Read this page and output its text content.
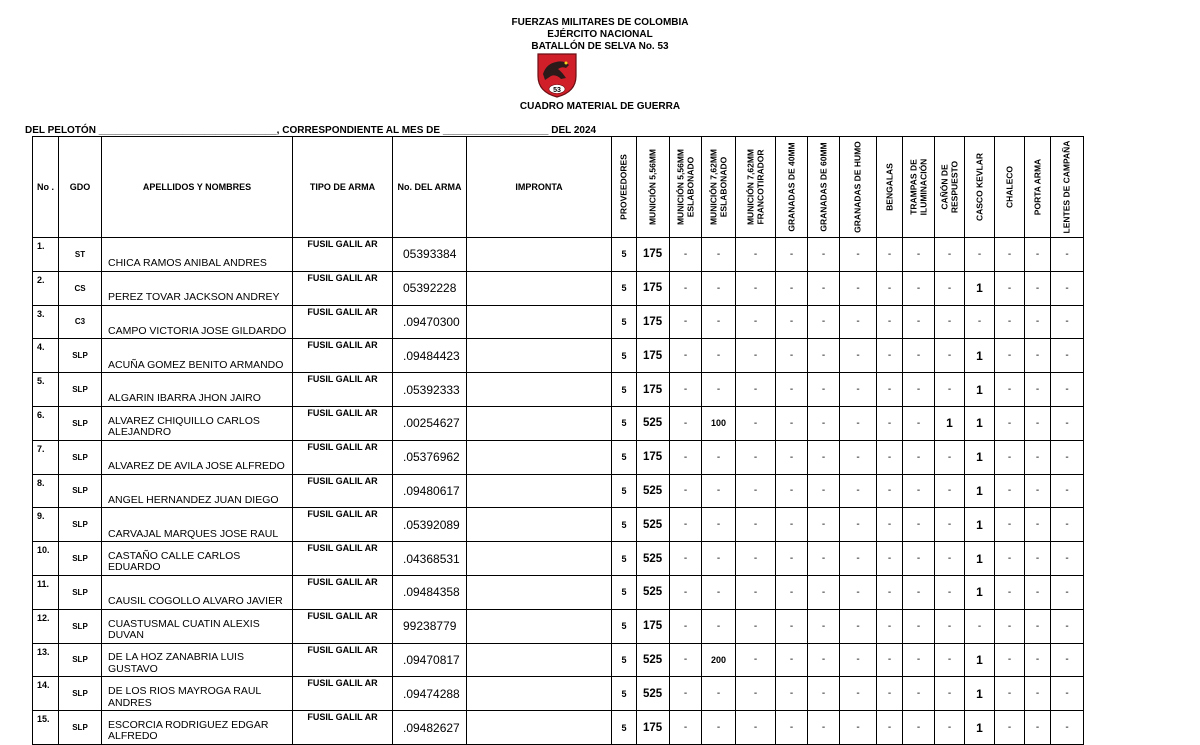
FUERZAS MILITARES DE COLOMBIA
EJÉRCITO NACIONAL
BATALLÓN DE SELVA No. 53
53
CUADRO MATERIAL DE GUERRA
DEL PELOTÓN ________________________________, CORRESPONDIENTE AL MES DE ___________________ DEL 2024
No .	GDO	APELLIDOS Y NOMBRES	TIPO DE ARMA	No. DEL ARMA	IMPRONTA	PROVEEDORES	MUNICIÓN 5,56MM	MUNICIÓN 5,56MM ESLABONADO	MUNICIÓN 7,62MM ESLABONADO	MUNICIÓN 7,62MM FRANCOTIRADOR	GRANADAS DE 40MM	GRANADAS DE 60MM	GRANADAS DE HUMO	BENGALAS	TRAMPAS DE ILUMINACIÓN	CAÑÓN DE RESPUESTO	CASCO KEVLAR	CHALECO	PORTA ARMA	LENTES DE CAMPAÑA

1.	ST	CHICA RAMOS ANIBAL ANDRES	FUSIL GALIL AR	05393384		5	175	-	-	-	-	-	-	-	-	-	-	-	-	-
2.	CS	PEREZ TOVAR JACKSON ANDREY	FUSIL GALIL AR	05392228		5	175	-	-	-	-	-	-	-	-	-	1	-	-	-
3.	C3	CAMPO VICTORIA JOSE GILDARDO	FUSIL GALIL AR	.09470300		5	175	-	-	-	-	-	-	-	-	-	-	-	-	-
4.	SLP	ACUÑA GOMEZ BENITO ARMANDO	FUSIL GALIL AR	.09484423		5	175	-	-	-	-	-	-	-	-	-	1	-	-	-
5.	SLP	ALGARIN IBARRA JHON JAIRO	FUSIL GALIL AR	.05392333		5	175	-	-	-	-	-	-	-	-	-	1	-	-	-
6.	SLP	ALVAREZ CHIQUILLO CARLOS ALEJANDRO	FUSIL GALIL AR	.00254627		5	525	-	100	-	-	-	-	-	-	1	1	-	-	-
7.	SLP	ALVAREZ DE AVILA JOSE ALFREDO	FUSIL GALIL AR	.05376962		5	175	-	-	-	-	-	-	-	-	-	1	-	-	-
8.	SLP	ANGEL HERNANDEZ JUAN DIEGO	FUSIL GALIL AR	.09480617		5	525	-	-	-	-	-	-	-	-	-	1	-	-	-
9.	SLP	CARVAJAL MARQUES JOSE RAUL	FUSIL GALIL AR	.05392089		5	525	-	-	-	-	-	-	-	-	-	1	-	-	-
10.	SLP	CASTAÑO CALLE CARLOS EDUARDO	FUSIL GALIL AR	.04368531		5	525	-	-	-	-	-	-	-	-	-	1	-	-	-
11.	SLP	CAUSIL COGOLLO ALVARO JAVIER	FUSIL GALIL AR	.09484358		5	525	-	-	-	-	-	-	-	-	-	1	-	-	-
12.	SLP	CUASTUSMAL CUATIN ALEXIS DUVAN	FUSIL GALIL AR	99238779		5	175	-	-	-	-	-	-	-	-	-	-	-	-	-
13.	SLP	DE LA HOZ ZANABRIA LUIS GUSTAVO	FUSIL GALIL AR	.09470817		5	525	-	200	-	-	-	-	-	-	-	1	-	-	-
14.	SLP	DE LOS RIOS MAYROGA RAUL ANDRES	FUSIL GALIL AR	.09474288		5	525	-	-	-	-	-	-	-	-	-	1	-	-	-
15.	SLP	ESCORCIA RODRIGUEZ EDGAR ALFREDO	FUSIL GALIL AR	.09482627		5	175	-	-	-	-	-	-	-	-	-	1	-	-	-
